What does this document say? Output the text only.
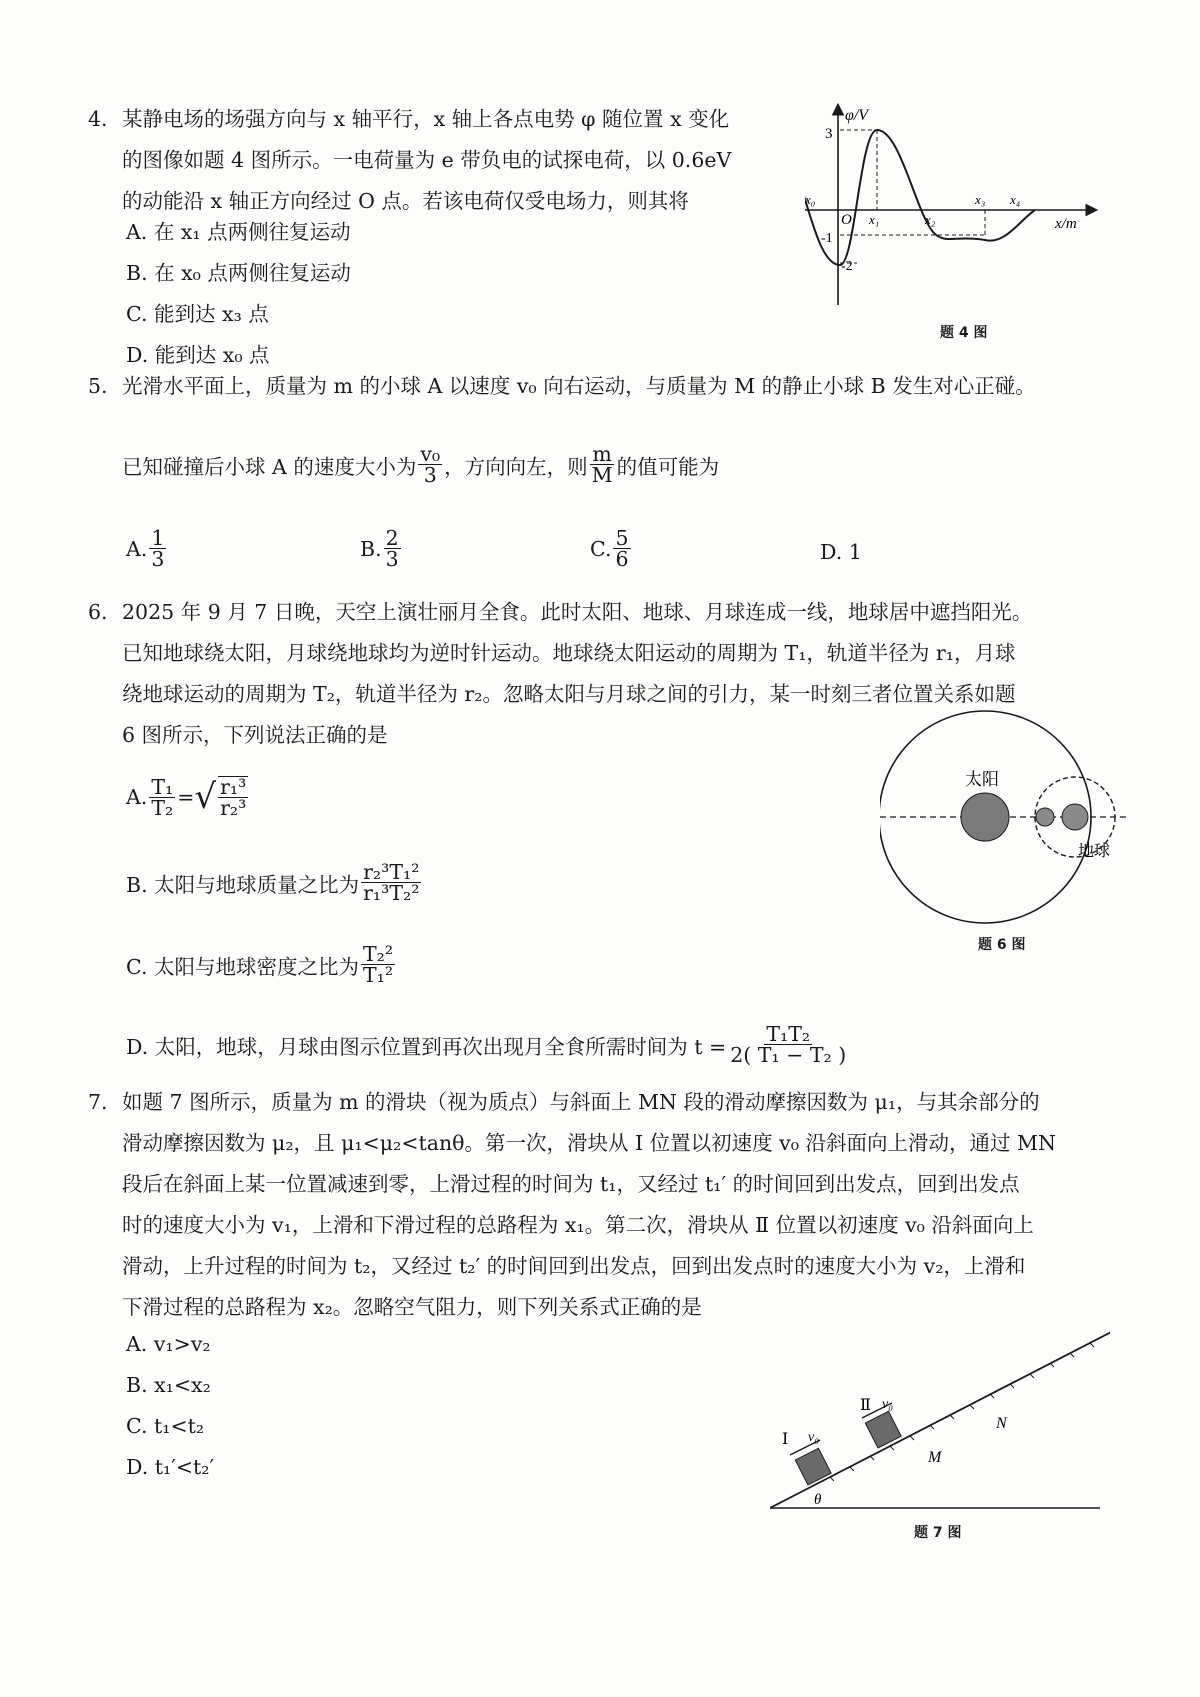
4. 某静电场的场强方向与 x 轴平行，x 轴上各点电势 φ 随位置 x 变化
的图像如题 4 图所示。一电荷量为 e 带负电的试探电荷，以 0.6eV
的动能沿 x 轴正方向经过 O 点。若该电荷仅受电场力，则其将
A. 在 x₁ 点两侧往复运动
B. 在 x₀ 点两侧往复运动
C. 能到达 x₃ 点
D. 能到达 x₀ 点
φ/V
x/m
O
3
-1
-2
x₀
x₁	x₂
x₃ x₄
题 4 图
5. 光滑水平面上，质量为 m 的小球 A 以速度 v₀ 向右运动，与质量为 M 的静止小球 B 发生对心正碰。
已知碰撞后小球 A 的速度大小为 $\frac{\text{v₀}}{3}$ ，方向向左，则 $\frac{m}{M}$ 的值可能为
A. $\frac{1}{3}$	B. $\frac{2}{3}$	C. $\frac{5}{6}$	D. 1
6. 2025 年 9 月 7 日晚，天空上演壮丽月全食。此时太阳、地球、月球连成一线，地球居中遮挡阳光。
已知地球绕太阳，月球绕地球均为逆时针运动。地球绕太阳运动的周期为 T₁，轨道半径为 r₁，月球
绕地球运动的周期为 T₂，轨道半径为 r₂。忽略太阳与月球之间的引力，某一时刻三者位置关系如题
6 图所示，下列说法正确的是
A. $\frac{\text{T₁}}{\text{T₂}}$ = √ $\frac{\text{r₁³}}{\text{r₂³}}$
B. 太阳与地球质量之比为 $\frac{\text{r₂³T₁²}}{\text{r₁³T₂²}}$
C. 太阳与地球密度之比为 $\frac{\text{T₂²}}{\text{T₁²}}$
D. 太阳，地球，月球由图示位置到再次出现月全食所需时间为 $t = \frac{\text{T₁T₂}}{\text{2( T₁ − T₂ )}}$
太阳
地球
题 6 图
7. 如题 7 图所示，质量为 m 的滑块（视为质点）与斜面上 MN 段的滑动摩擦因数为 μ₁，与其余部分的
滑动摩擦因数为 μ₂，且 μ₁<μ₂<tanθ。第一次，滑块从 Ⅰ 位置以初速度 v₀ 沿斜面向上滑动，通过 MN
段后在斜面上某一位置减速到零，上滑过程的时间为 t₁，又经过 t₁′ 的时间回到出发点，回到出发点
时的速度大小为 v₁，上滑和下滑过程的总路程为 x₁。第二次，滑块从 Ⅱ 位置以初速度 v₀ 沿斜面向上
滑动，上升过程的时间为 t₂，又经过 t₂′ 的时间回到出发点，回到出发点时的速度大小为 v₂，上滑和
下滑过程的总路程为 x₂。忽略空气阻力，则下列关系式正确的是
A. v₁>v₂
B. x₁<x₂
C. t₁<t₂
D. t₁′<t₂′
Ⅰ v₀
Ⅱ v₀
M
N
θ
题 7 图
